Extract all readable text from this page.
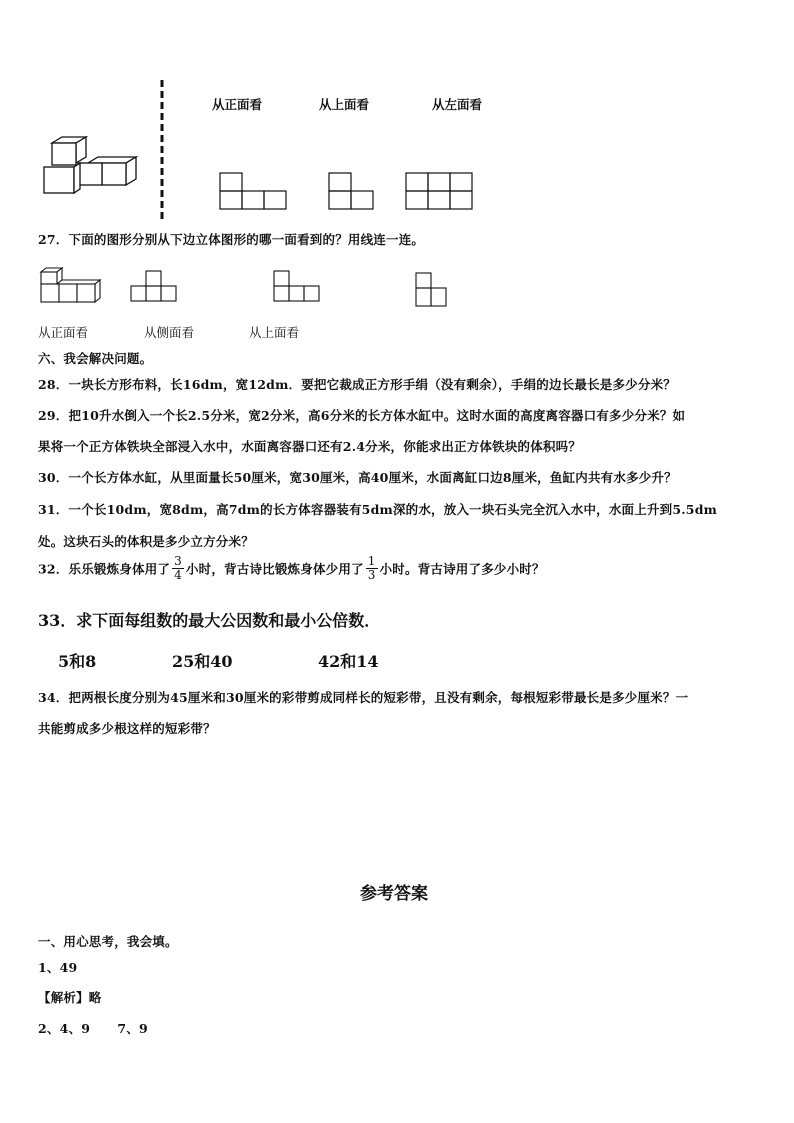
从正面看	从上面看	从左面看
27．下面的图形分别从下边立体图形的哪一面看到的？用线连一连。
从正面看	从侧面看	从上面看
六、我会解决问题。
28．一块长方形布料，长16dm，宽12dm．要把它裁成正方形手绢（没有剩余），手绢的边长最长是多少分米？
29．把10升水倒入一个长2.5分米，宽2分米，高6分米的长方体水缸中。这时水面的高度离容器口有多少分米？如
果将一个正方体铁块全部浸入水中，水面离容器口还有2.4分米，你能求出正方体铁块的体积吗？
30．一个长方体水缸，从里面量长50厘米，宽30厘米，高40厘米，水面离缸口边8厘米，鱼缸内共有水多少升？
31．一个长10dm，宽8dm，高7dm的长方体容器装有5dm深的水，放入一块石头完全沉入水中，水面上升到5.5dm
处。这块石头的体积是多少立方分米？
32．乐乐锻炼身体用了 $\frac{3}{4}$ 小时，背古诗比锻炼身体少用了 $\frac{1}{3}$ 小时。背古诗用了多少小时？
33．求下面每组数的最大公因数和最小公倍数．
5和8	25和40	42和14
34．把两根长度分别为45厘米和30厘米的彩带剪成同样长的短彩带，且没有剩余，每根短彩带最长是多少厘米？一
共能剪成多少根这样的短彩带？
参考答案
一、用心思考，我会填。
1、49
【解析】略
2、4、9      7、9
